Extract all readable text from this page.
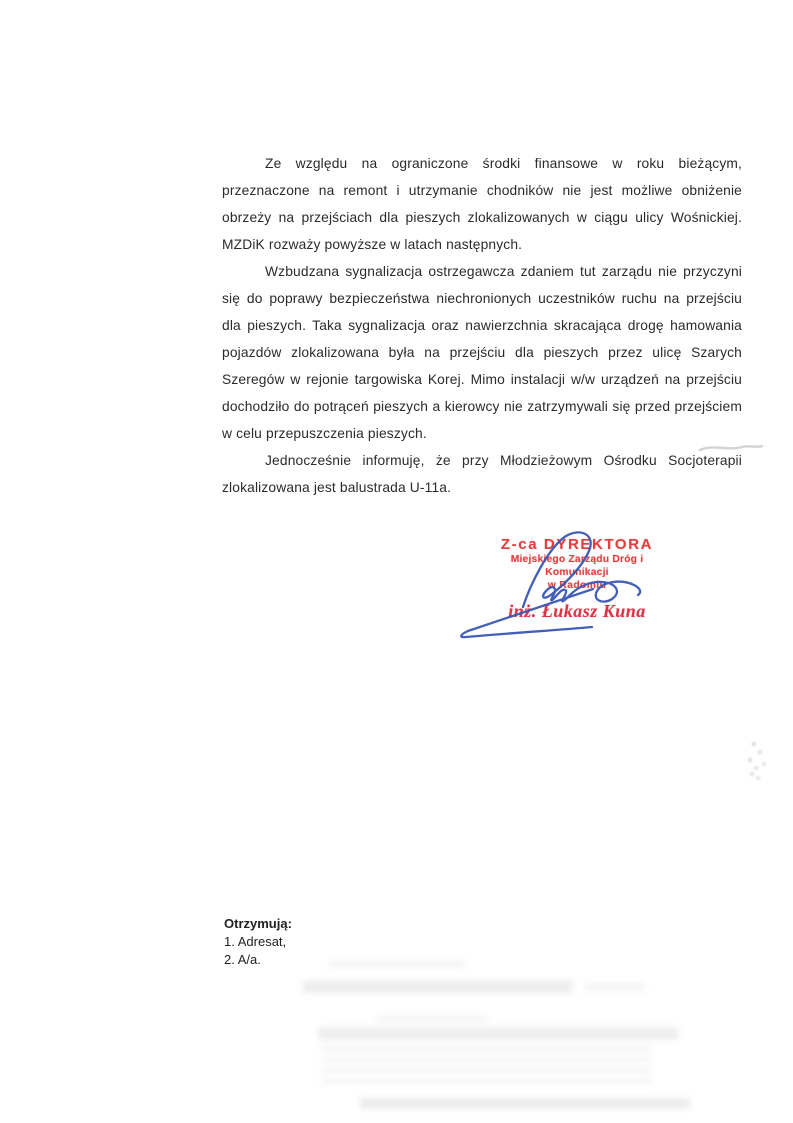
Ze względu na ograniczone środki finansowe w roku bieżącym, przeznaczone na remont i utrzymanie chodników nie jest możliwe obniżenie obrzeży na przejściach dla pieszych zlokalizowanych w ciągu ulicy Wośnickiej. MZDiK rozważy powyższe w latach następnych.

Wzbudzana sygnalizacja ostrzegawcza zdaniem tut zarządu nie przyczyni się do poprawy bezpieczeństwa niechronionych uczestników ruchu na przejściu dla pieszych. Taka sygnalizacja oraz nawierzchnia skracająca drogę hamowania pojazdów zlokalizowana była na przejściu dla pieszych przez ulicę Szarych Szeregów w rejonie targowiska Korej. Mimo instalacji w/w urządzeń na przejściu dochodziło do potrąceń pieszych a kierowcy nie zatrzymywali się przed przejściem w celu przepuszczenia pieszych.

Jednocześnie informuję, że przy Młodzieżowym Ośrodku Socjoterapii zlokalizowana jest balustrada U-11a.

Z-ca DYREKTORA
Miejskiego Zarządu Dróg i Komunikacji
w Radomiu
inż. Łukasz Kuna
Otrzymują:
1. Adresat,
2. A/a.
